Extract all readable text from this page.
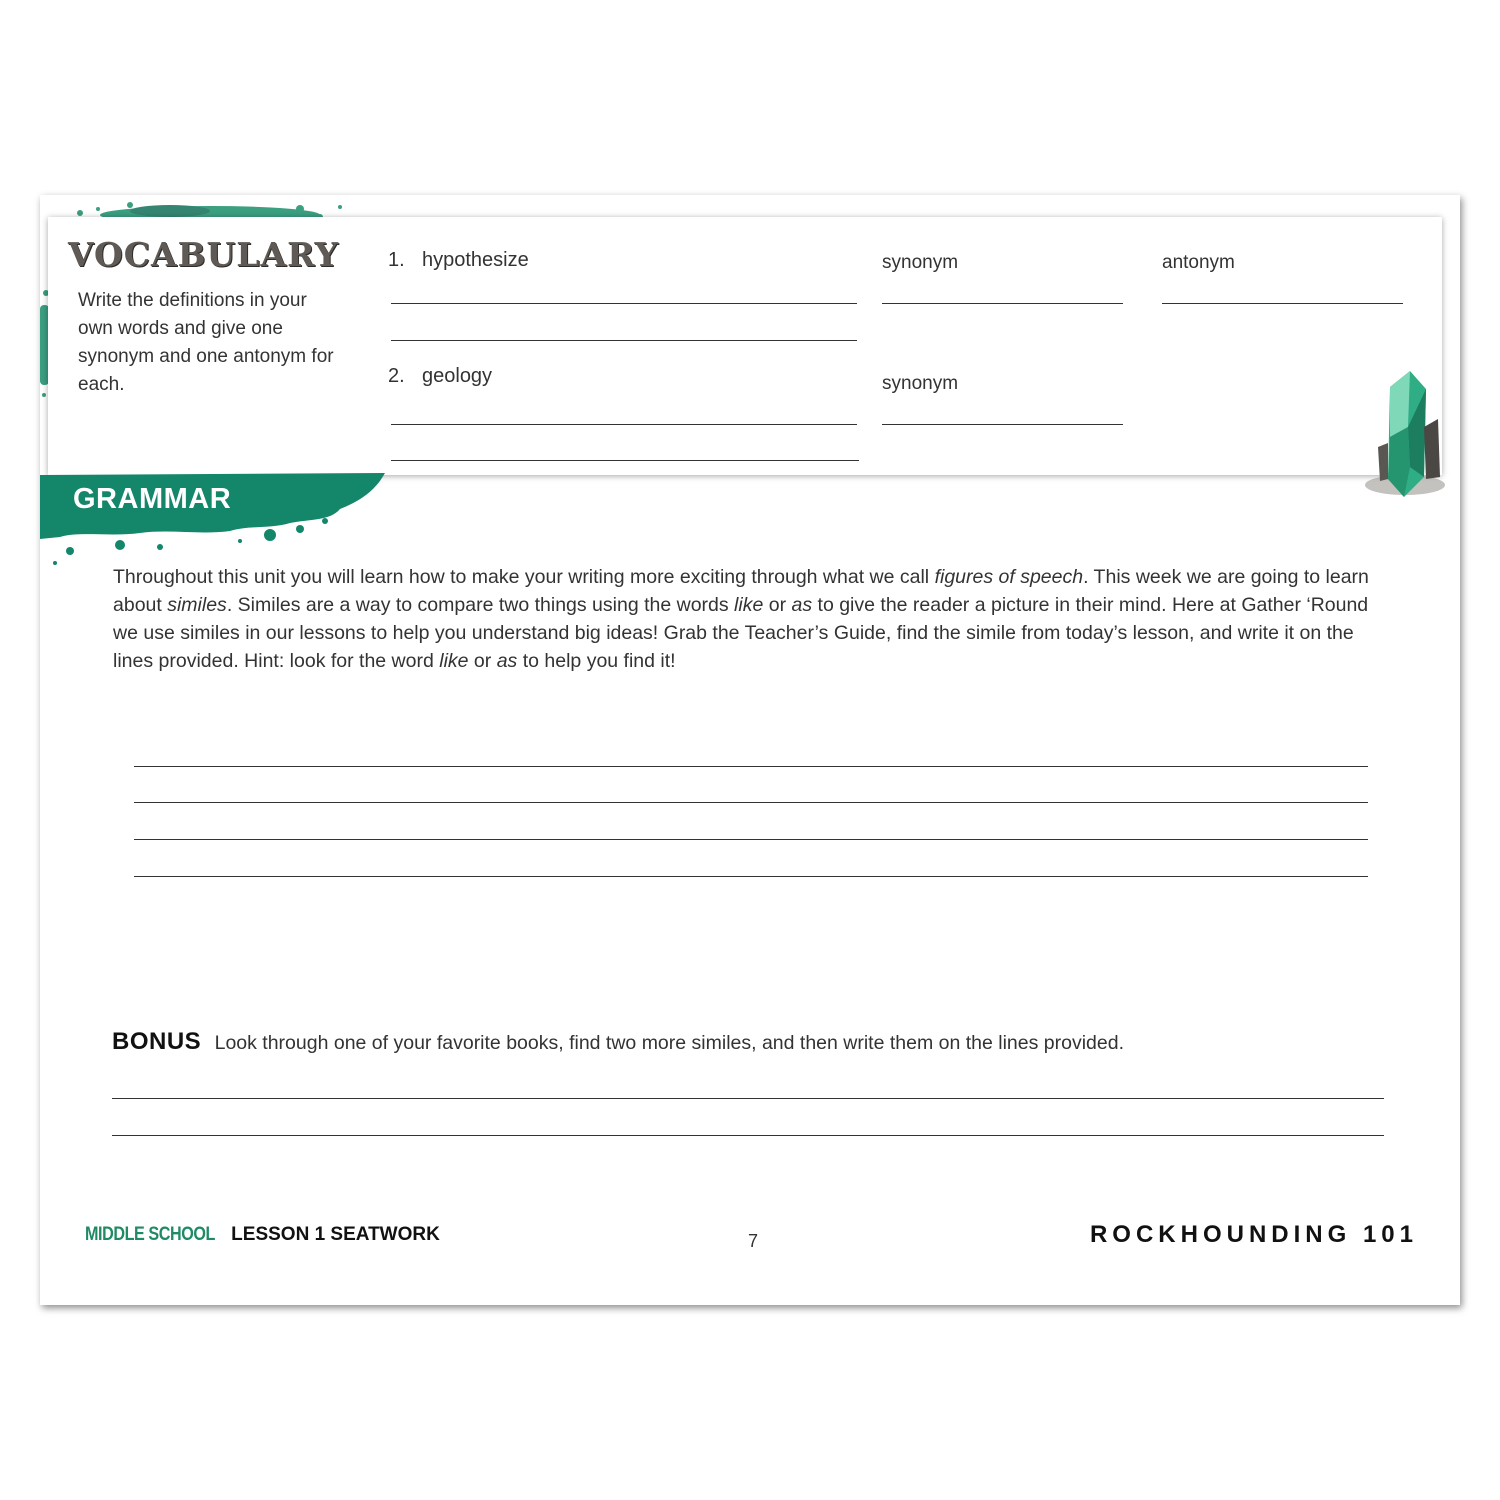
VOCABULARY
Write the definitions in your own words and give one synonym and one antonym for each.
1. hypothesize	synonym	antonym
2. geology	synonym
GRAMMAR

Throughout this unit you will learn how to make your writing more exciting through what we call figures of speech. This week we are going to learn about similes. Similes are a way to compare two things using the words like or as to give the reader a picture in their mind. Here at Gather ‘Round we use similes in our lessons to help you understand big ideas! Grab the Teacher’s Guide, find the simile from today’s lesson, and write it on the lines provided. Hint: look for the word like or as to help you find it!

BONUS Look through one of your favorite books, find two more similes, and then write them on the lines provided.
MIDDLE SCHOOL LESSON 1 SEATWORK	7	ROCKHOUNDING 101
